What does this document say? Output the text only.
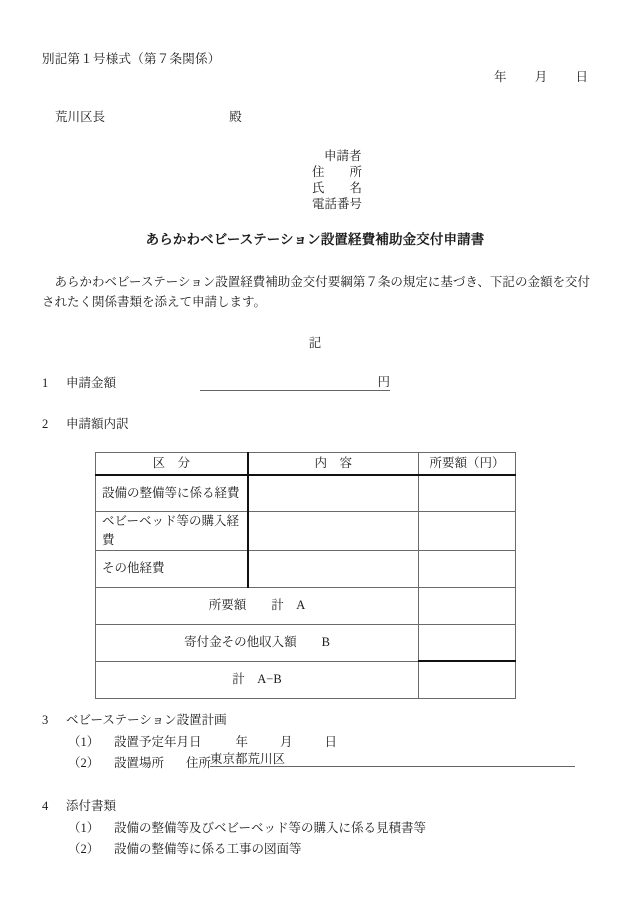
別記第１号様式（第７条関係）
年 月 日
荒川区長	殿
申請者
住　　所
氏　　名
電話番号
あらかわベビーステーション設置経費補助金交付申請書
あらかわベビーステーション設置経費補助金交付要綱第７条の規定に基づき、下記の金額を交付されたく関係書類を添えて申請します。
記
1 申請金額	円
2 申請額内訳
区　分	内　容	所要額（円）
設備の整備等に係る経費		
ベビーベッド等の購入経費		
その他経費		
所要額　　計　A		
寄付金その他収入額　　B		
計　A−B		
3 ベビーステーション設置計画
（1） 設置予定年月日	年	月	日
（2） 設置場所 住所
東京都荒川区
4 添付書類
（1） 設備の整備等及びベビーベッド等の購入に係る見積書等
（2） 設備の整備等に係る工事の図面等
